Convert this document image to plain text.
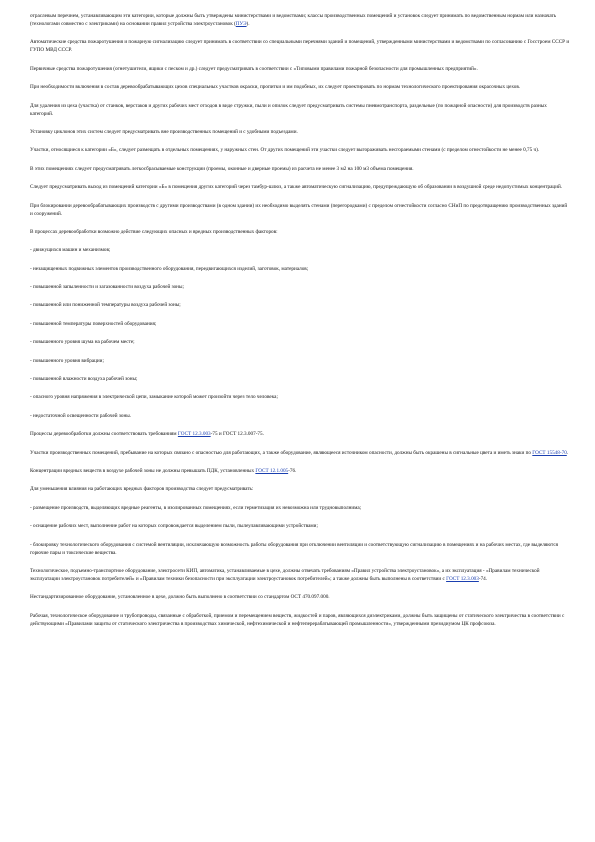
отраслевым перечнем, устанавливающим эти категории, которые должны быть утверждены министерствами и ведомствами; классы производственных помещений и установок следует принимать по ведомственным нормам или назначать (технологами совместно с электриками) на основании правил устройства электроустановок (ПУЭ).

Автоматические средства пожаротушения и пожарную сигнализацию следует принимать в соответствии со специальными перечнями зданий и помещений, утвержденными министерствами и ведомствами по согласованию с Госстроем СССР и ГУПО МВД СССР.

Первичные средства пожаротушения (огнетушители, ящики с песком и др.) следует предусматривать в соответствии с «Типовыми правилами пожарной безопасности для промышленных предприятий».

При необходимости включения в состав деревообрабатывающих цехов специальных участков окраски, пропитки и им подобных, их следует проектировать по нормам технологического проектирования окрасочных цехов.

Для удаления из цеха (участка) от станков, верстаков и других рабочих мест отходов в виде стружки, пыли и опилок следует предусматривать системы пневмотранспорта, раздельные (по пожарной опасности) для производств разных категорий.

Установку циклонов этих систем следует предусматривать вне производственных помещений и с удобными подъездами.

Участки, относящиеся к категории «Б», следует размещать в отдельных помещениях, у наружных стен. От других помещений эти участки следует выгораживать несгораемыми стенами (с пределом огнестойкости не менее 0,75 ч).

В этих помещениях следует предусматривать легкосбрасываемые конструкции (проемы, оконные и дверные проемы) из расчета не менее 3 м2 на 100 м3 объема помещения.

Следует предусматривать выход из помещений категории «Б» в помещения других категорий через тамбур-шлюз, а также автоматическую сигнализацию, предупреждающую об образовании в воздушной среде недопустимых концентраций.

При блокировании деревообрабатывающих производств с другими производствами (в одном здании) их необходимо выделять стенами (перегородками) с пределом огнестойкости согласно СНиП по предотвращению производственных зданий и сооружений.

В процессах деревообработки возможно действие следующих опасных и вредных производственных факторов:

- движущихся машин и механизмов;

- незащищенных подвижных элементов производственного оборудования, передвигающихся изделий, заготовок, материалов;

- повышенной запыленности и загазованности воздуха рабочей зоны;

- повышенной или пониженной температуры воздуха рабочей зоны;

- повышенной температуры поверхностей оборудования;

- повышенного уровня шума на рабочем месте;

- повышенного уровня вибрации;

- повышенной влажности воздуха рабочей зоны;

- опасного уровня напряжения в электрической цепи, замыкание которой может произойти через тело человека;

- недостаточной освещенности рабочей зоны.

Процессы деревообработки должны соответствовать требованиям ГОСТ 12.3.003-75 и ГОСТ 12.3.007-75.

Участки производственных помещений, пребывание на которых связано с опасностью для работающих, а также оборудование, являющееся источником опасности, должны быть окрашены в сигнальные цвета и иметь знаки по ГОСТ 15548-70.

Концентрации вредных веществ в воздухе рабочей зоны не должны превышать ПДК, установленных ГОСТ 12.1.005-76.

Для уменьшения влияния на работающих вредных факторов производства следует предусматривать:

- размещение производств, выделяющих вредные реагенты, в изолированных помещениях, если герметизация их невозможна или трудновыполнима;

- оснащение рабочих мест, выполнение работ на которых сопровождается выделением пыли, пылеулавливающими устройствами;

- блокировку технологического оборудования с системой вентиляции, исключающую возможность работы оборудования при отключении вентиляции и соответствующую сигнализацию в помещениях и на рабочих местах, где выделяются горючие пары и токсические вещества.

Технологическое, подъемно-транспортное оборудование, электросети КИП, автоматика, устанавливаемые в цехе, должны отвечать требованиям «Правил устройства электроустановок», а их эксплуатация - «Правилам технической эксплуатации электроустановок потребителей» и «Правилам техники безопасности при эксплуатации электроустановок потребителей»; а также должны быть выполнены в соответствии с ГОСТ 12.3.003-74.

Нестандартизированное оборудование, установленное в цехе, должно быть выполнено в соответствии со стандартом ОСТ 470.097.000.

Рабочая, технологическое оборудование и трубопроводы, связанные с обработкой, приемом и перемещением веществ, жидкостей и паров, являющихся диэлектриками, должны быть защищены от статического электричества в соответствии с действующими «Правилами защиты от статического электричества в производствах химической, нефтехимической и нефтеперерабатывающей промышленности», утвержденными президиумом ЦК профсоюза.
